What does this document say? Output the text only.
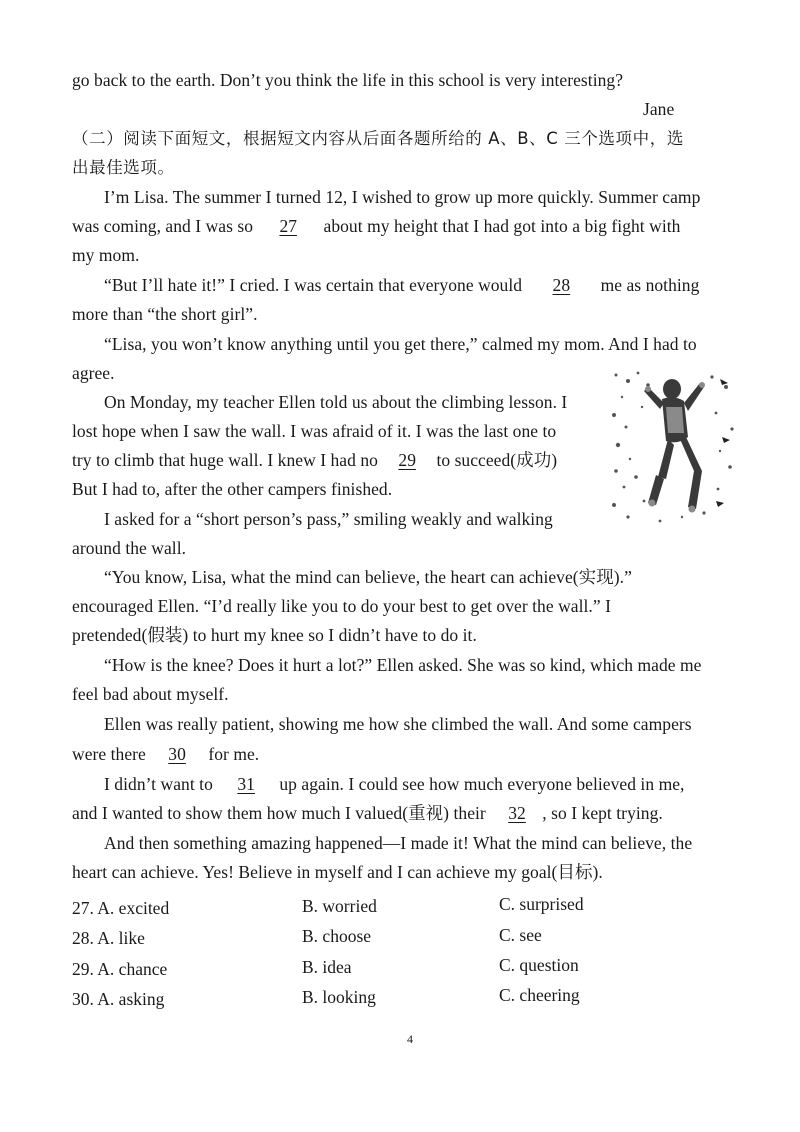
go back to the earth. Don’t you think the life in this school is very interesting?
Jane
（二）阅读下面短文，根据短文内容从后面各题所给的 A、B、C 三个选项中，选
出最佳选项。
I’m Lisa. The summer I turned 12, I wished to grow up more quickly. Summer camp
was coming, and I was so 27 about my height that I had got into a big fight with
my mom.
“But I’ll hate it!” I cried. I was certain that everyone would 28 me as nothing
more than “the short girl”.
“Lisa, you won’t know anything until you get there,” calmed my mom. And I had to
agree.
On Monday, my teacher Ellen told us about the climbing lesson. I
lost hope when I saw the wall. I was afraid of it. I was the last one to
try to climb that huge wall. I knew I had no 29 to succeed(成功)
But I had to, after the other campers finished.
I asked for a “short person’s pass,” smiling weakly and walking
around the wall.
“You know, Lisa, what the mind can believe, the heart can achieve(实现).”
encouraged Ellen. “I’d really like you to do your best to get over the wall.” I
pretended(假装) to hurt my knee so I didn’t have to do it.
“How is the knee? Does it hurt a lot?” Ellen asked. She was so kind, which made me
feel bad about myself.
Ellen was really patient, showing me how she climbed the wall. And some campers
were there 30 for me.
I didn’t want to 31 up again. I could see how much everyone believed in me,
and I wanted to show them how much I valued(重视) their 32 , so I kept trying.
And then something amazing happened—I made it! What the mind can believe, the
heart can achieve. Yes! Believe in myself and I can achieve my goal(目标).
27. A. excited	B. worried	C. surprised
28. A. like	B. choose	C. see
29. A. chance	B. idea	C. question
30. A. asking	B. looking	C. cheering
4
